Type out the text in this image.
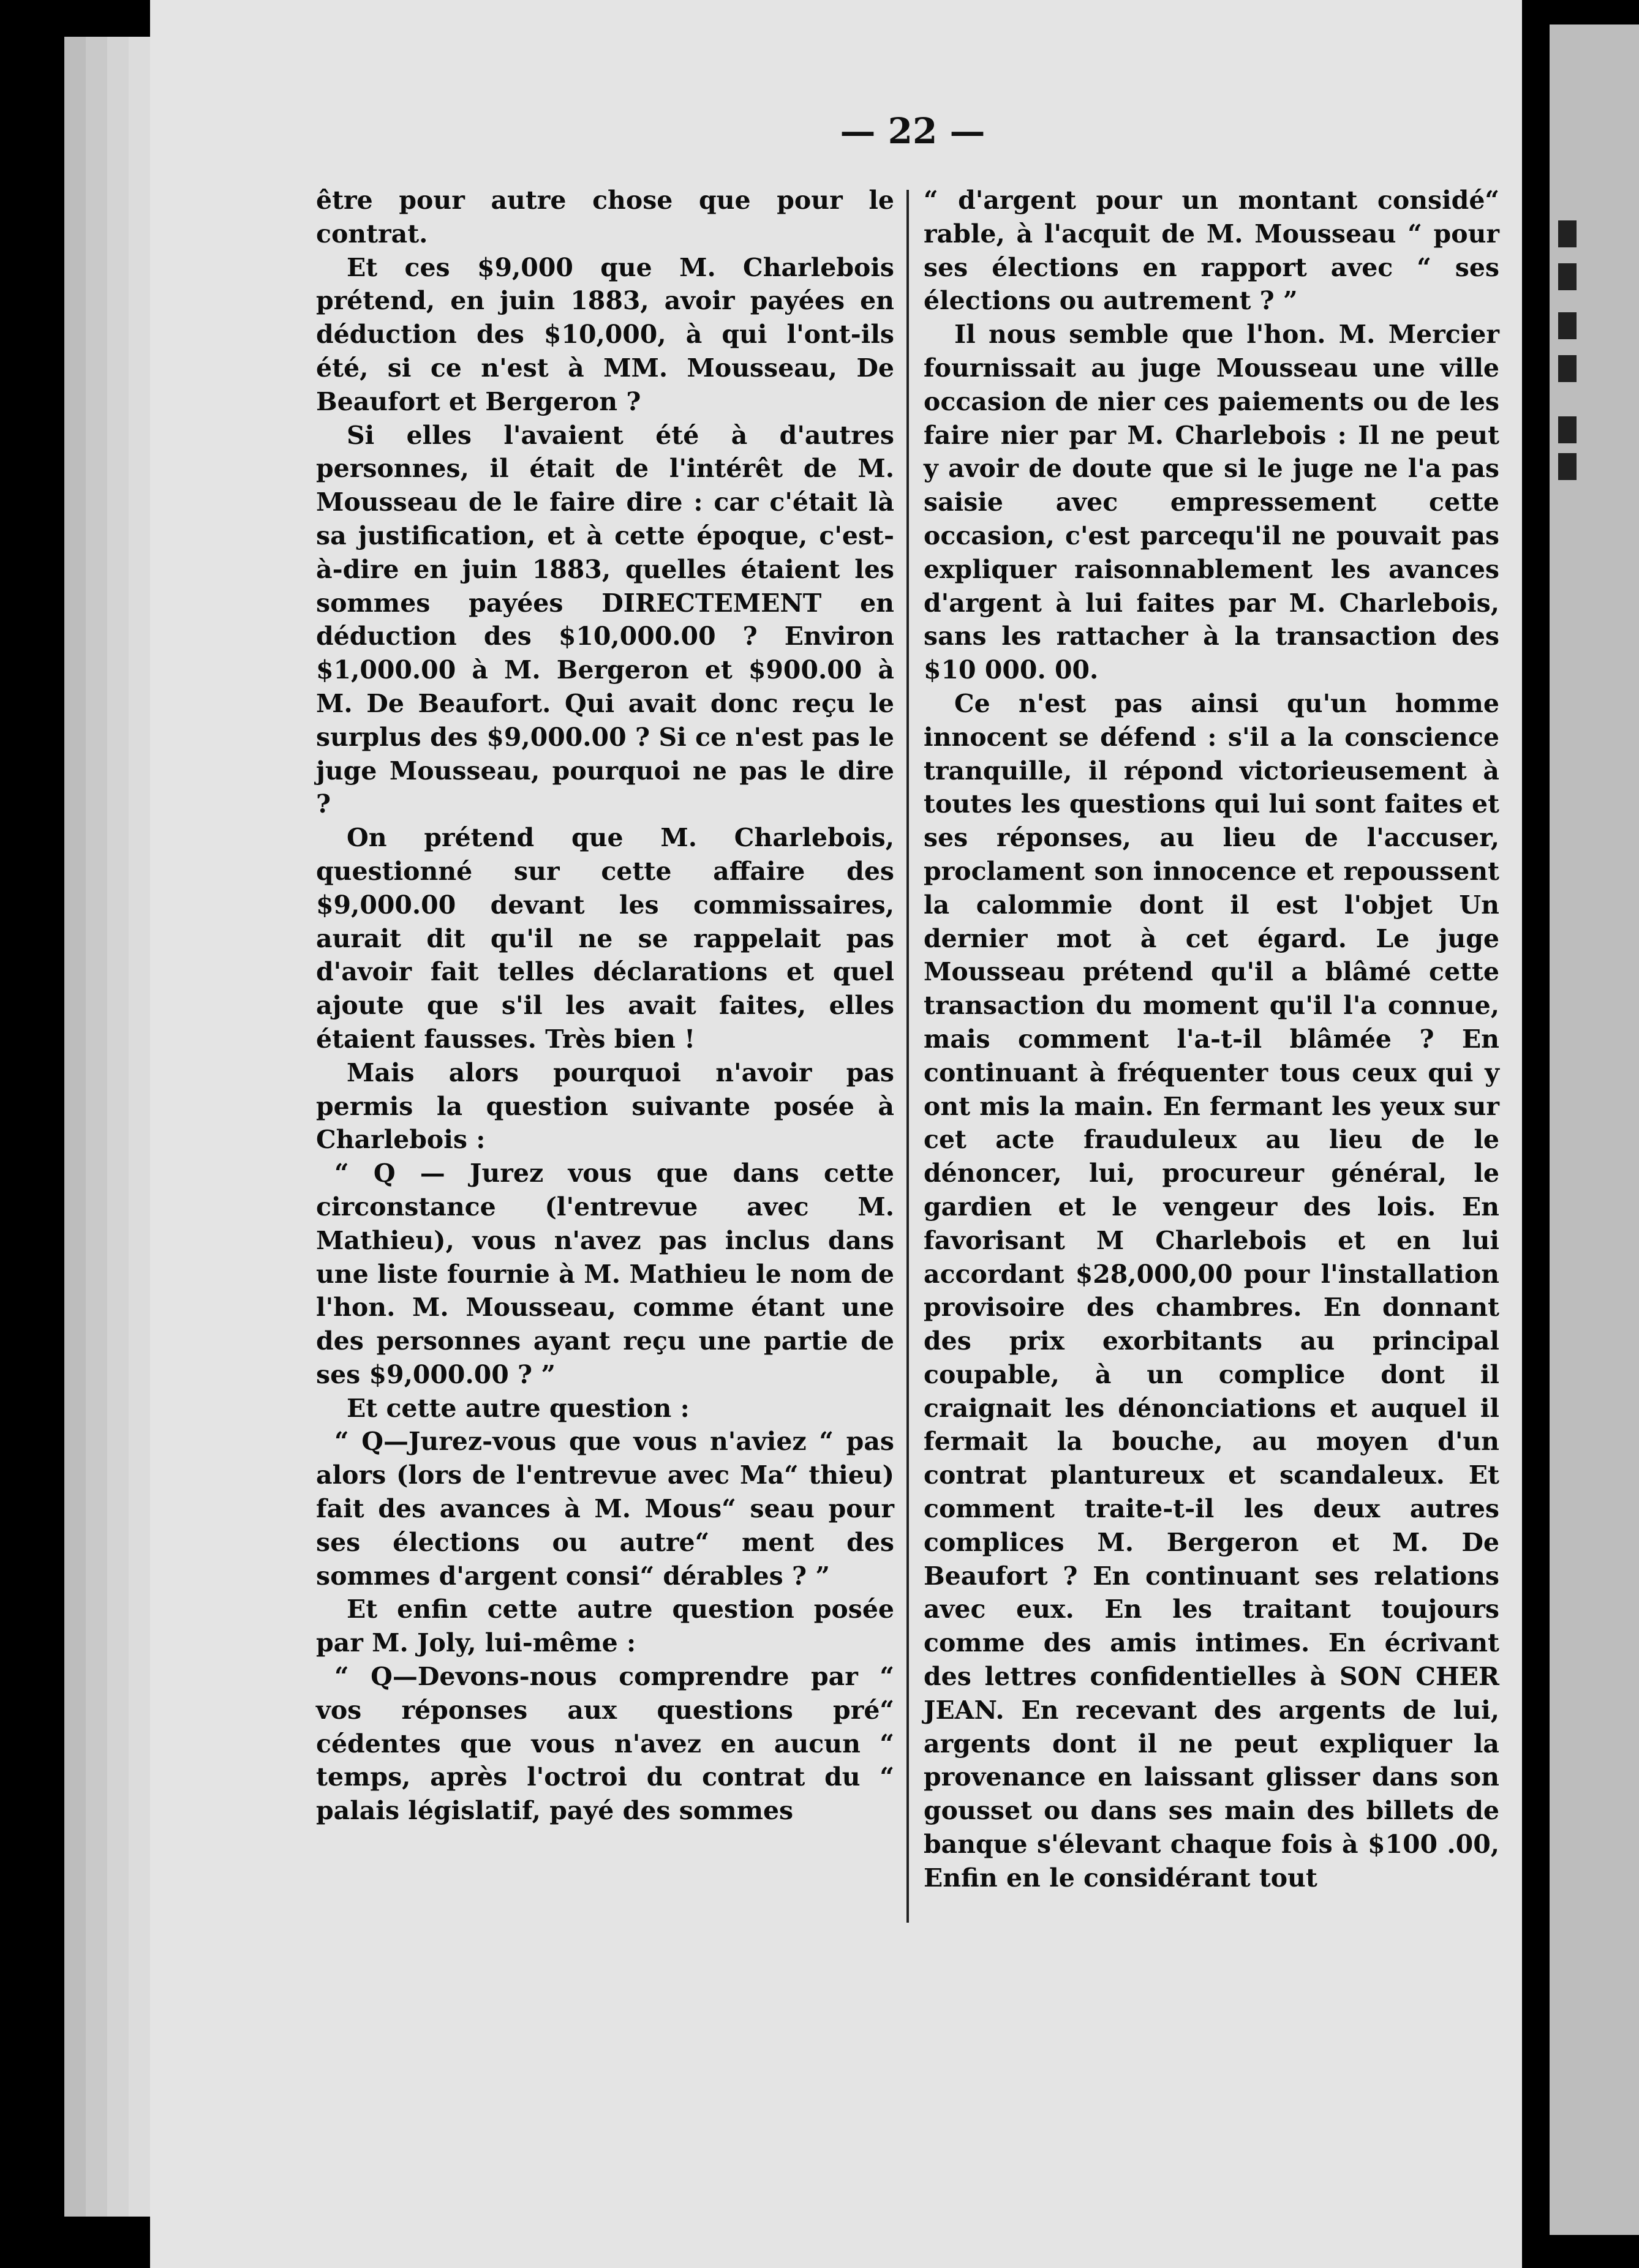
— 22 —

être pour autre chose que pour le contrat.

Et ces $9,000 que M. Charlebois prétend, en juin 1883, avoir payées en déduction des $10,000, à qui l'ont-ils été, si ce n'est à MM. Mousseau, De Beaufort et Bergeron ?

Si elles l'avaient été à d'autres personnes, il était de l'intérêt de M. Mousseau de le faire dire : car c'était là sa justification, et à cette époque, c'est-à-dire en juin 1883, quelles étaient les sommes payées DIRECTEMENT en déduction des $10,000.00 ? Environ $1,000.00 à M. Bergeron et $900.00 à M. De Beaufort. Qui avait donc reçu le surplus des $9,000.00 ? Si ce n'est pas le juge Mousseau, pourquoi ne pas le dire ?

On prétend que M. Charlebois, questionné sur cette affaire des $9,000.00 devant les commissaires, aurait dit qu'il ne se rappelait pas d'avoir fait telles déclarations et quel ajoute que s'il les avait faites, elles étaient fausses. Très bien !

Mais alors pourquoi n'avoir pas permis la question suivante posée à Charlebois :

“ Q — Jurez vous que dans cette circonstance (l'entrevue avec M. Mathieu), vous n'avez pas inclus dans une liste fournie à M. Mathieu le nom de l'hon. M. Mousseau, comme étant une des personnes ayant reçu une partie de ses $9,000.00 ? ”

Et cette autre question :

“ Q—Jurez-vous que vous n'aviez “ pas alors (lors de l'entrevue avec Ma“ thieu) fait des avances à M. Mous“ seau pour ses élections ou autre“ ment des sommes d'argent consi“ dérables ? ”

Et enfin cette autre question posée par M. Joly, lui-même :

“ Q—Devons-nous comprendre par “ vos réponses aux questions pré“ cédentes que vous n'avez en aucun “ temps, après l'octroi du contrat du “ palais législatif, payé des sommes

“ d'argent pour un montant considé“ rable, à l'acquit de M. Mousseau “ pour ses élections en rapport avec “ ses élections ou autrement ? ”

Il nous semble que l'hon. M. Mercier fournissait au juge Mousseau une ville occasion de nier ces paiements ou de les faire nier par M. Charlebois : Il ne peut y avoir de doute que si le juge ne l'a pas saisie avec empressement cette occasion, c'est parcequ'il ne pouvait pas expliquer raisonnablement les avances d'argent à lui faites par M. Charlebois, sans les rattacher à la transaction des $10 000. 00.

Ce n'est pas ainsi qu'un homme innocent se défend : s'il a la conscience tranquille, il répond victorieusement à toutes les questions qui lui sont faites et ses réponses, au lieu de l'accuser, proclament son innocence et repoussent la calommie dont il est l'objet Un dernier mot à cet égard. Le juge Mousseau prétend qu'il a blâmé cette transaction du moment qu'il l'a connue, mais comment l'a-t-il blâmée ? En continuant à fréquenter tous ceux qui y ont mis la main. En fermant les yeux sur cet acte frauduleux au lieu de le dénoncer, lui, procureur général, le gardien et le vengeur des lois. En favorisant M Charlebois et en lui accordant $28,000,00 pour l'installation provisoire des chambres. En donnant des prix exorbitants au principal coupable, à un complice dont il craignait les dénonciations et auquel il fermait la bouche, au moyen d'un contrat plantureux et scandaleux. Et comment traite-t-il les deux autres complices M. Bergeron et M. De Beaufort ? En continuant ses relations avec eux. En les traitant toujours comme des amis intimes. En écrivant des lettres confidentielles à SON CHER JEAN. En recevant des argents de lui, argents dont il ne peut expliquer la provenance en laissant glisser dans son gousset ou dans ses main des billets de banque s'élevant chaque fois à $100 .00, Enfin en le considérant tout
